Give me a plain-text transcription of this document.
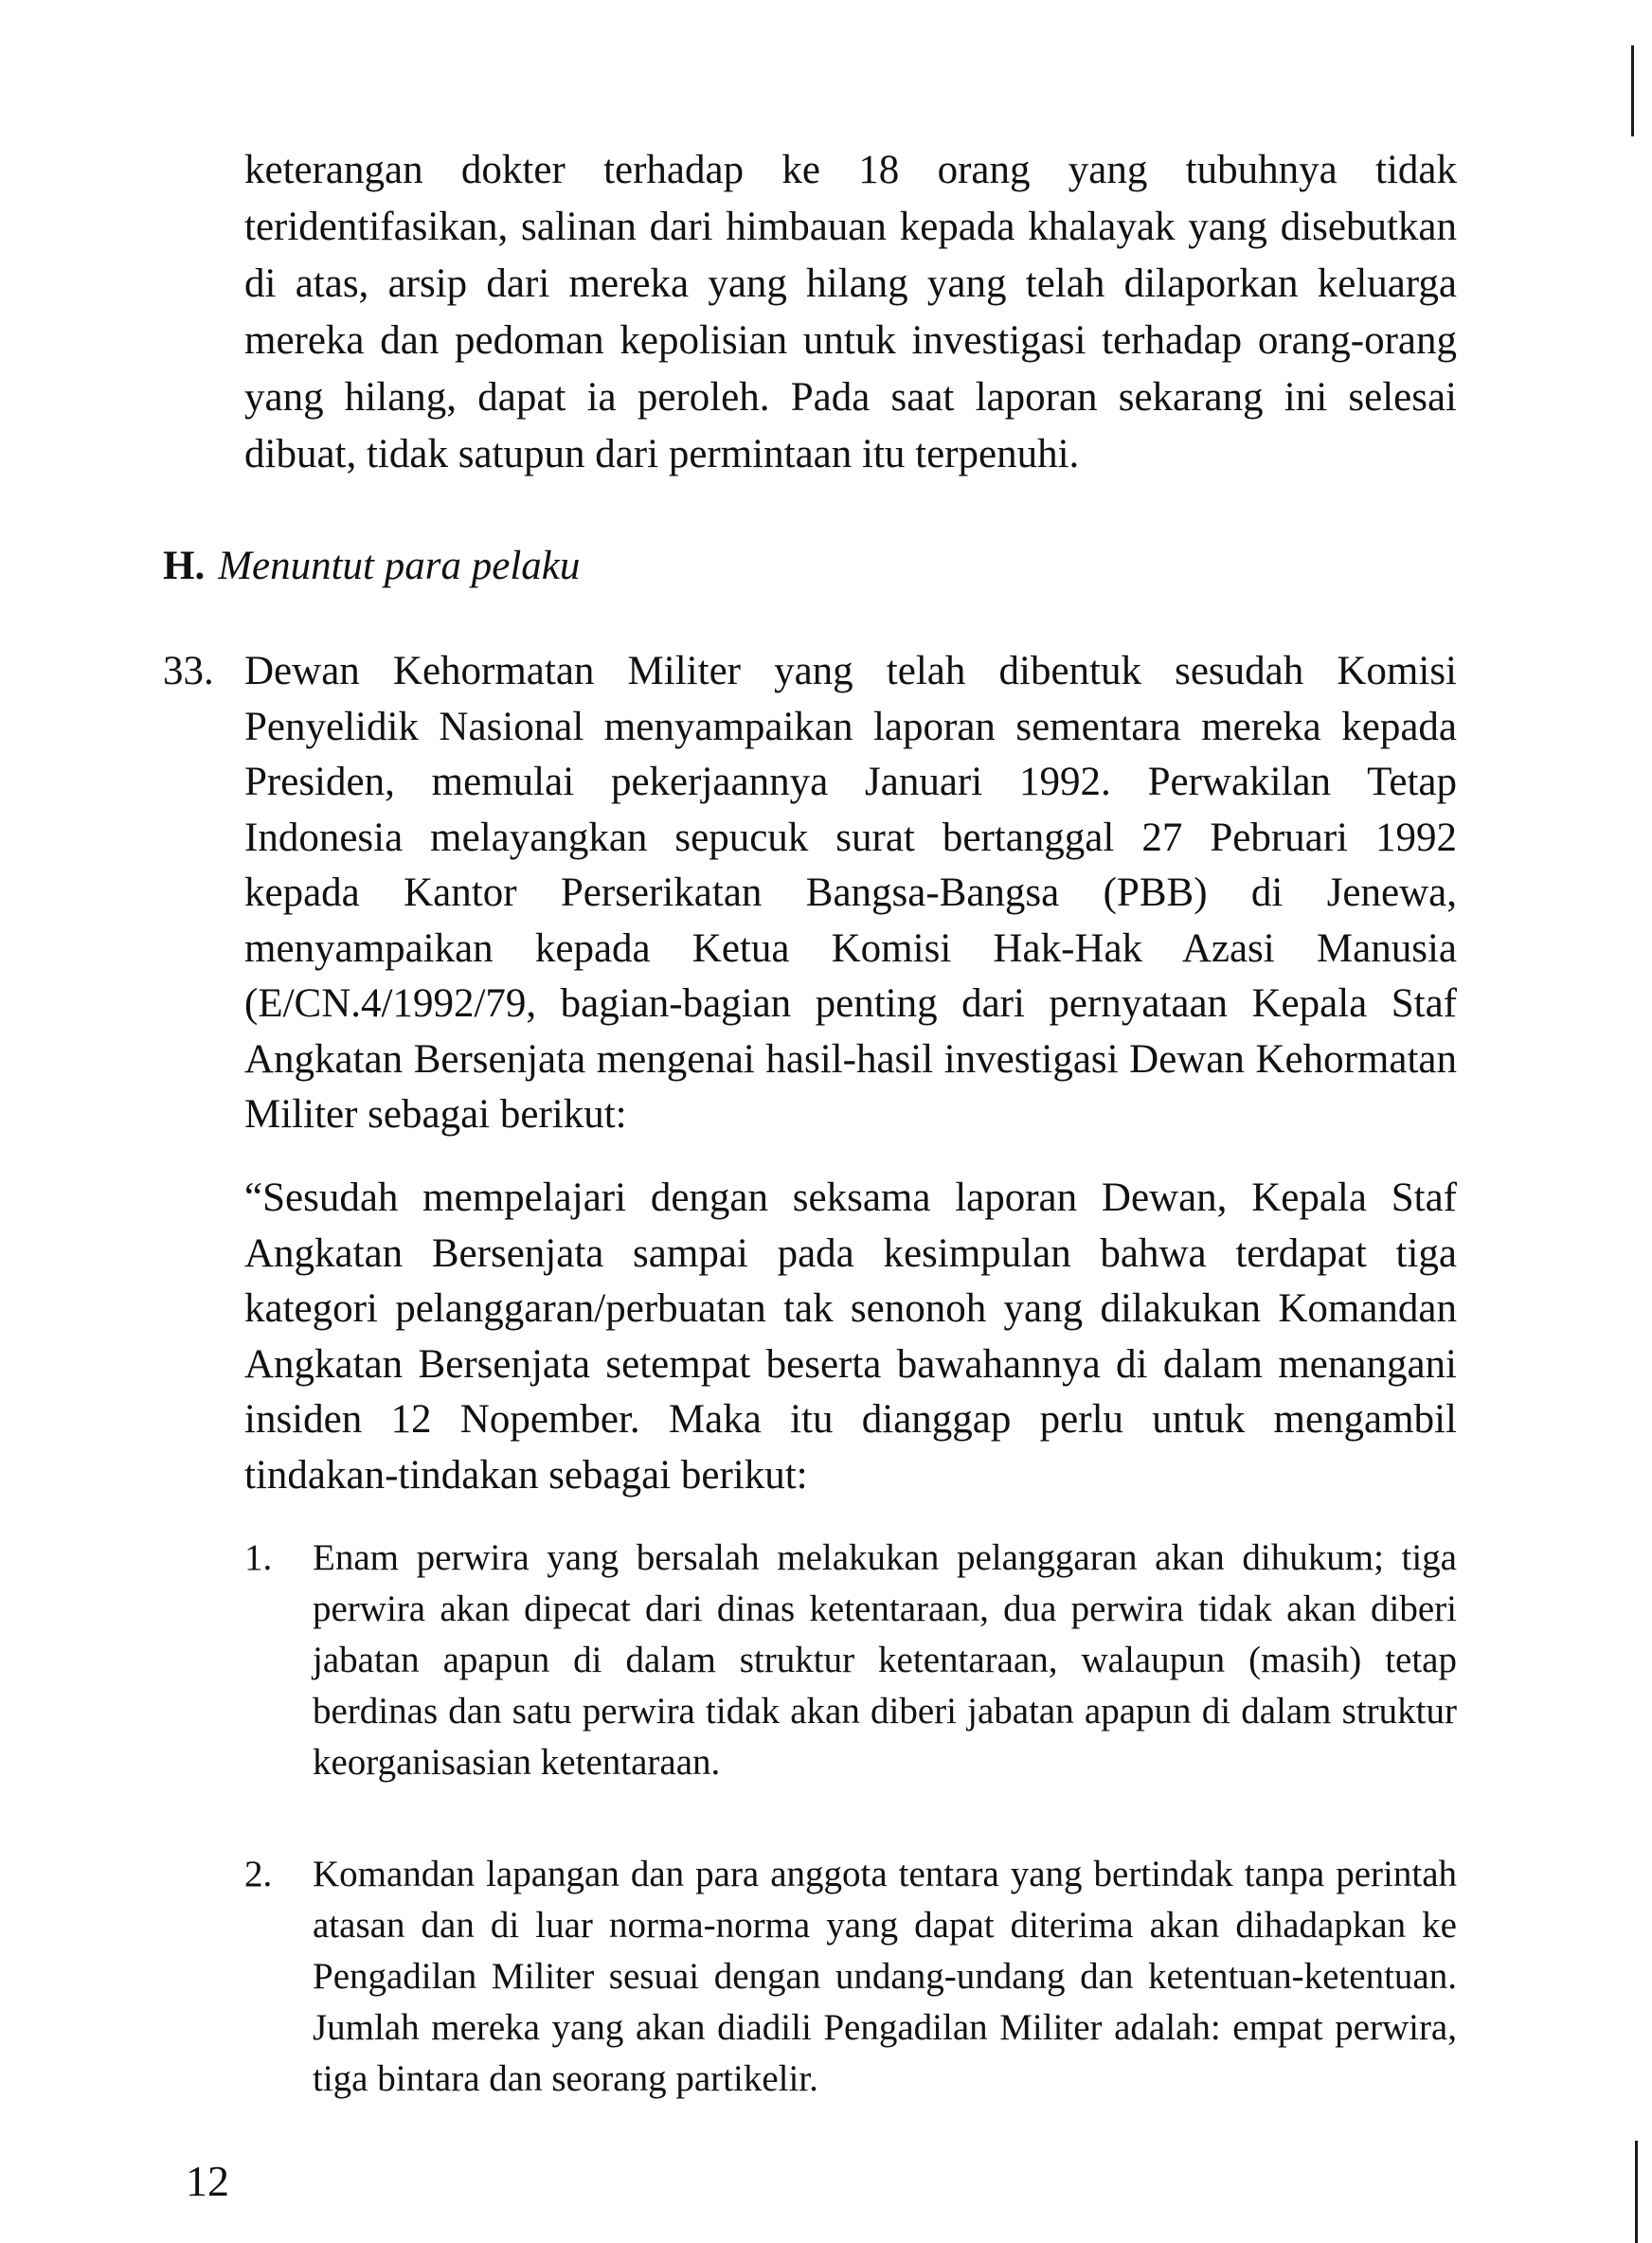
keterangan dokter terhadap ke 18 orang yang tubuhnya tidak teridentifasikan, salinan dari himbauan kepada khalayak yang disebutkan di atas, arsip dari mereka yang hilang yang telah dilaporkan keluarga mereka dan pedoman kepolisian untuk investigasi terhadap orang-orang yang hilang, dapat ia peroleh. Pada saat laporan sekarang ini selesai dibuat, tidak satupun dari permintaan itu terpenuhi.

H. Menuntut para pelaku
33. Dewan Kehormatan Militer yang telah dibentuk sesudah Komisi Penyelidik Nasional menyampaikan laporan sementara mereka kepada Presiden, memulai pekerjaannya Januari 1992. Perwakilan Tetap Indonesia melayangkan sepucuk surat bertanggal 27 Pebruari 1992 kepada Kantor Perserikatan Bangsa-Bangsa (PBB) di Jenewa, menyampaikan kepada Ketua Komisi Hak-Hak Azasi Manusia (E/CN.4/1992/79, bagian-bagian penting dari pernyataan Kepala Staf Angkatan Bersenjata mengenai hasil-hasil investigasi Dewan Kehormatan Militer sebagai berikut:

“Sesudah mempelajari dengan seksama laporan Dewan, Kepala Staf Angkatan Bersenjata sampai pada kesimpulan bahwa terdapat tiga kategori pelanggaran/perbuatan tak senonoh yang dilakukan Komandan Angkatan Bersenjata setempat beserta bawahannya di dalam menangani insiden 12 Nopember. Maka itu dianggap perlu untuk mengambil tindakan-tindakan sebagai berikut:

1. Enam perwira yang bersalah melakukan pelanggaran akan dihukum; tiga perwira akan dipecat dari dinas ketentaraan, dua perwira tidak akan diberi jabatan apapun di dalam struktur ketentaraan, walaupun (masih) tetap berdinas dan satu perwira tidak akan diberi jabatan apapun di dalam struktur keorganisasian ketentaraan.
2. Komandan lapangan dan para anggota tentara yang bertindak tanpa perintah atasan dan di luar norma-norma yang dapat diterima akan dihadapkan ke Pengadilan Militer sesuai dengan undang-undang dan ketentuan-ketentuan. Jumlah mereka yang akan diadili Pengadilan Militer adalah: empat perwira, tiga bintara dan seorang partikelir.
12
